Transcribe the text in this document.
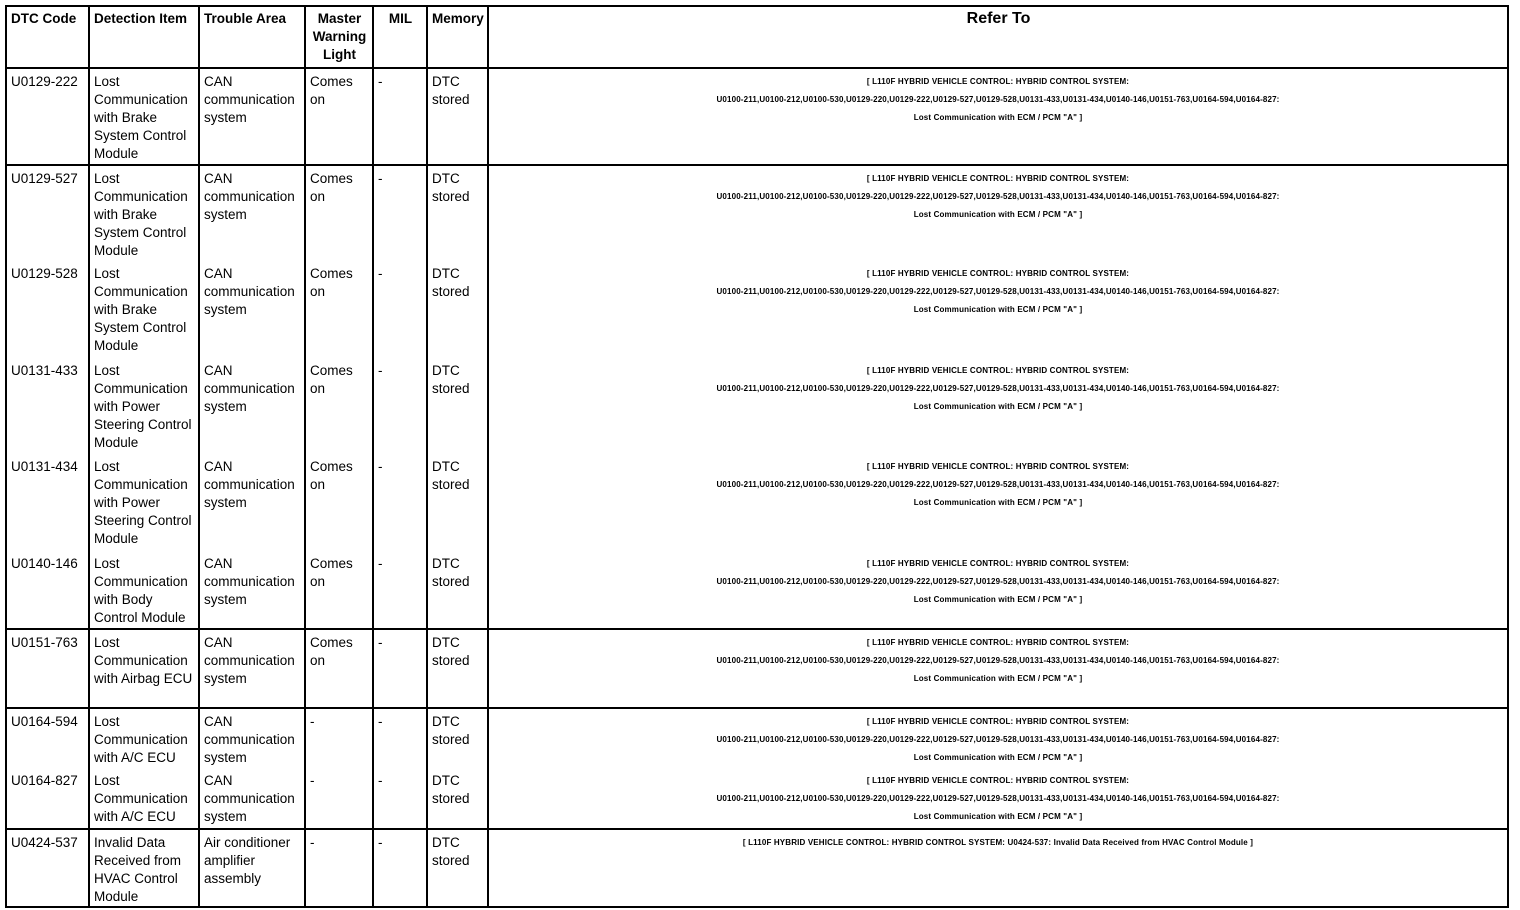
DTC Code	Detection Item	Trouble Area	Master Warning Light	MIL	Memory	Refer To
U0129-222	Lost Communication with Brake System Control Module	CAN communication system	Comes on	-	DTC stored	[ L110F HYBRID VEHICLE CONTROL: HYBRID CONTROL SYSTEM:
U0100-211,U0100-212,U0100-530,U0129-220,U0129-222,U0129-527,U0129-528,U0131-433,U0131-434,U0140-146,U0151-763,U0164-594,U0164-827:
Lost Communication with ECM / PCM "A" ]

U0129-527	Lost Communication with Brake System Control Module	CAN communication system	Comes on	-	DTC stored	[ L110F HYBRID VEHICLE CONTROL: HYBRID CONTROL SYSTEM:
U0100-211,U0100-212,U0100-530,U0129-220,U0129-222,U0129-527,U0129-528,U0131-433,U0131-434,U0140-146,U0151-763,U0164-594,U0164-827:
Lost Communication with ECM / PCM "A" ]

U0129-528	Lost Communication with Brake System Control Module	CAN communication system	Comes on	-	DTC stored	[ L110F HYBRID VEHICLE CONTROL: HYBRID CONTROL SYSTEM:
U0100-211,U0100-212,U0100-530,U0129-220,U0129-222,U0129-527,U0129-528,U0131-433,U0131-434,U0140-146,U0151-763,U0164-594,U0164-827:
Lost Communication with ECM / PCM "A" ]

U0131-433	Lost Communication with Power Steering Control Module	CAN communication system	Comes on	-	DTC stored	[ L110F HYBRID VEHICLE CONTROL: HYBRID CONTROL SYSTEM:
U0100-211,U0100-212,U0100-530,U0129-220,U0129-222,U0129-527,U0129-528,U0131-433,U0131-434,U0140-146,U0151-763,U0164-594,U0164-827:
Lost Communication with ECM / PCM "A" ]

U0131-434	Lost Communication with Power Steering Control Module	CAN communication system	Comes on	-	DTC stored	[ L110F HYBRID VEHICLE CONTROL: HYBRID CONTROL SYSTEM:
U0100-211,U0100-212,U0100-530,U0129-220,U0129-222,U0129-527,U0129-528,U0131-433,U0131-434,U0140-146,U0151-763,U0164-594,U0164-827:
Lost Communication with ECM / PCM "A" ]

U0140-146	Lost Communication with Body Control Module	CAN communication system	Comes on	-	DTC stored	[ L110F HYBRID VEHICLE CONTROL: HYBRID CONTROL SYSTEM:
U0100-211,U0100-212,U0100-530,U0129-220,U0129-222,U0129-527,U0129-528,U0131-433,U0131-434,U0140-146,U0151-763,U0164-594,U0164-827:
Lost Communication with ECM / PCM "A" ]

U0151-763	Lost Communication with Airbag ECU	CAN communication system	Comes on	-	DTC stored	[ L110F HYBRID VEHICLE CONTROL: HYBRID CONTROL SYSTEM:
U0100-211,U0100-212,U0100-530,U0129-220,U0129-222,U0129-527,U0129-528,U0131-433,U0131-434,U0140-146,U0151-763,U0164-594,U0164-827:
Lost Communication with ECM / PCM "A" ]

U0164-594	Lost Communication with A/C ECU	CAN communication system	-	-	DTC stored	[ L110F HYBRID VEHICLE CONTROL: HYBRID CONTROL SYSTEM:
U0100-211,U0100-212,U0100-530,U0129-220,U0129-222,U0129-527,U0129-528,U0131-433,U0131-434,U0140-146,U0151-763,U0164-594,U0164-827:
Lost Communication with ECM / PCM "A" ]

U0164-827	Lost Communication with A/C ECU	CAN communication system	-	-	DTC stored	[ L110F HYBRID VEHICLE CONTROL: HYBRID CONTROL SYSTEM:
U0100-211,U0100-212,U0100-530,U0129-220,U0129-222,U0129-527,U0129-528,U0131-433,U0131-434,U0140-146,U0151-763,U0164-594,U0164-827:
Lost Communication with ECM / PCM "A" ]

U0424-537	Invalid Data Received from HVAC Control Module	Air conditioner amplifier assembly	-	-	DTC stored	[ L110F HYBRID VEHICLE CONTROL: HYBRID CONTROL SYSTEM: U0424-537: Invalid Data Received from HVAC Control Module ]
